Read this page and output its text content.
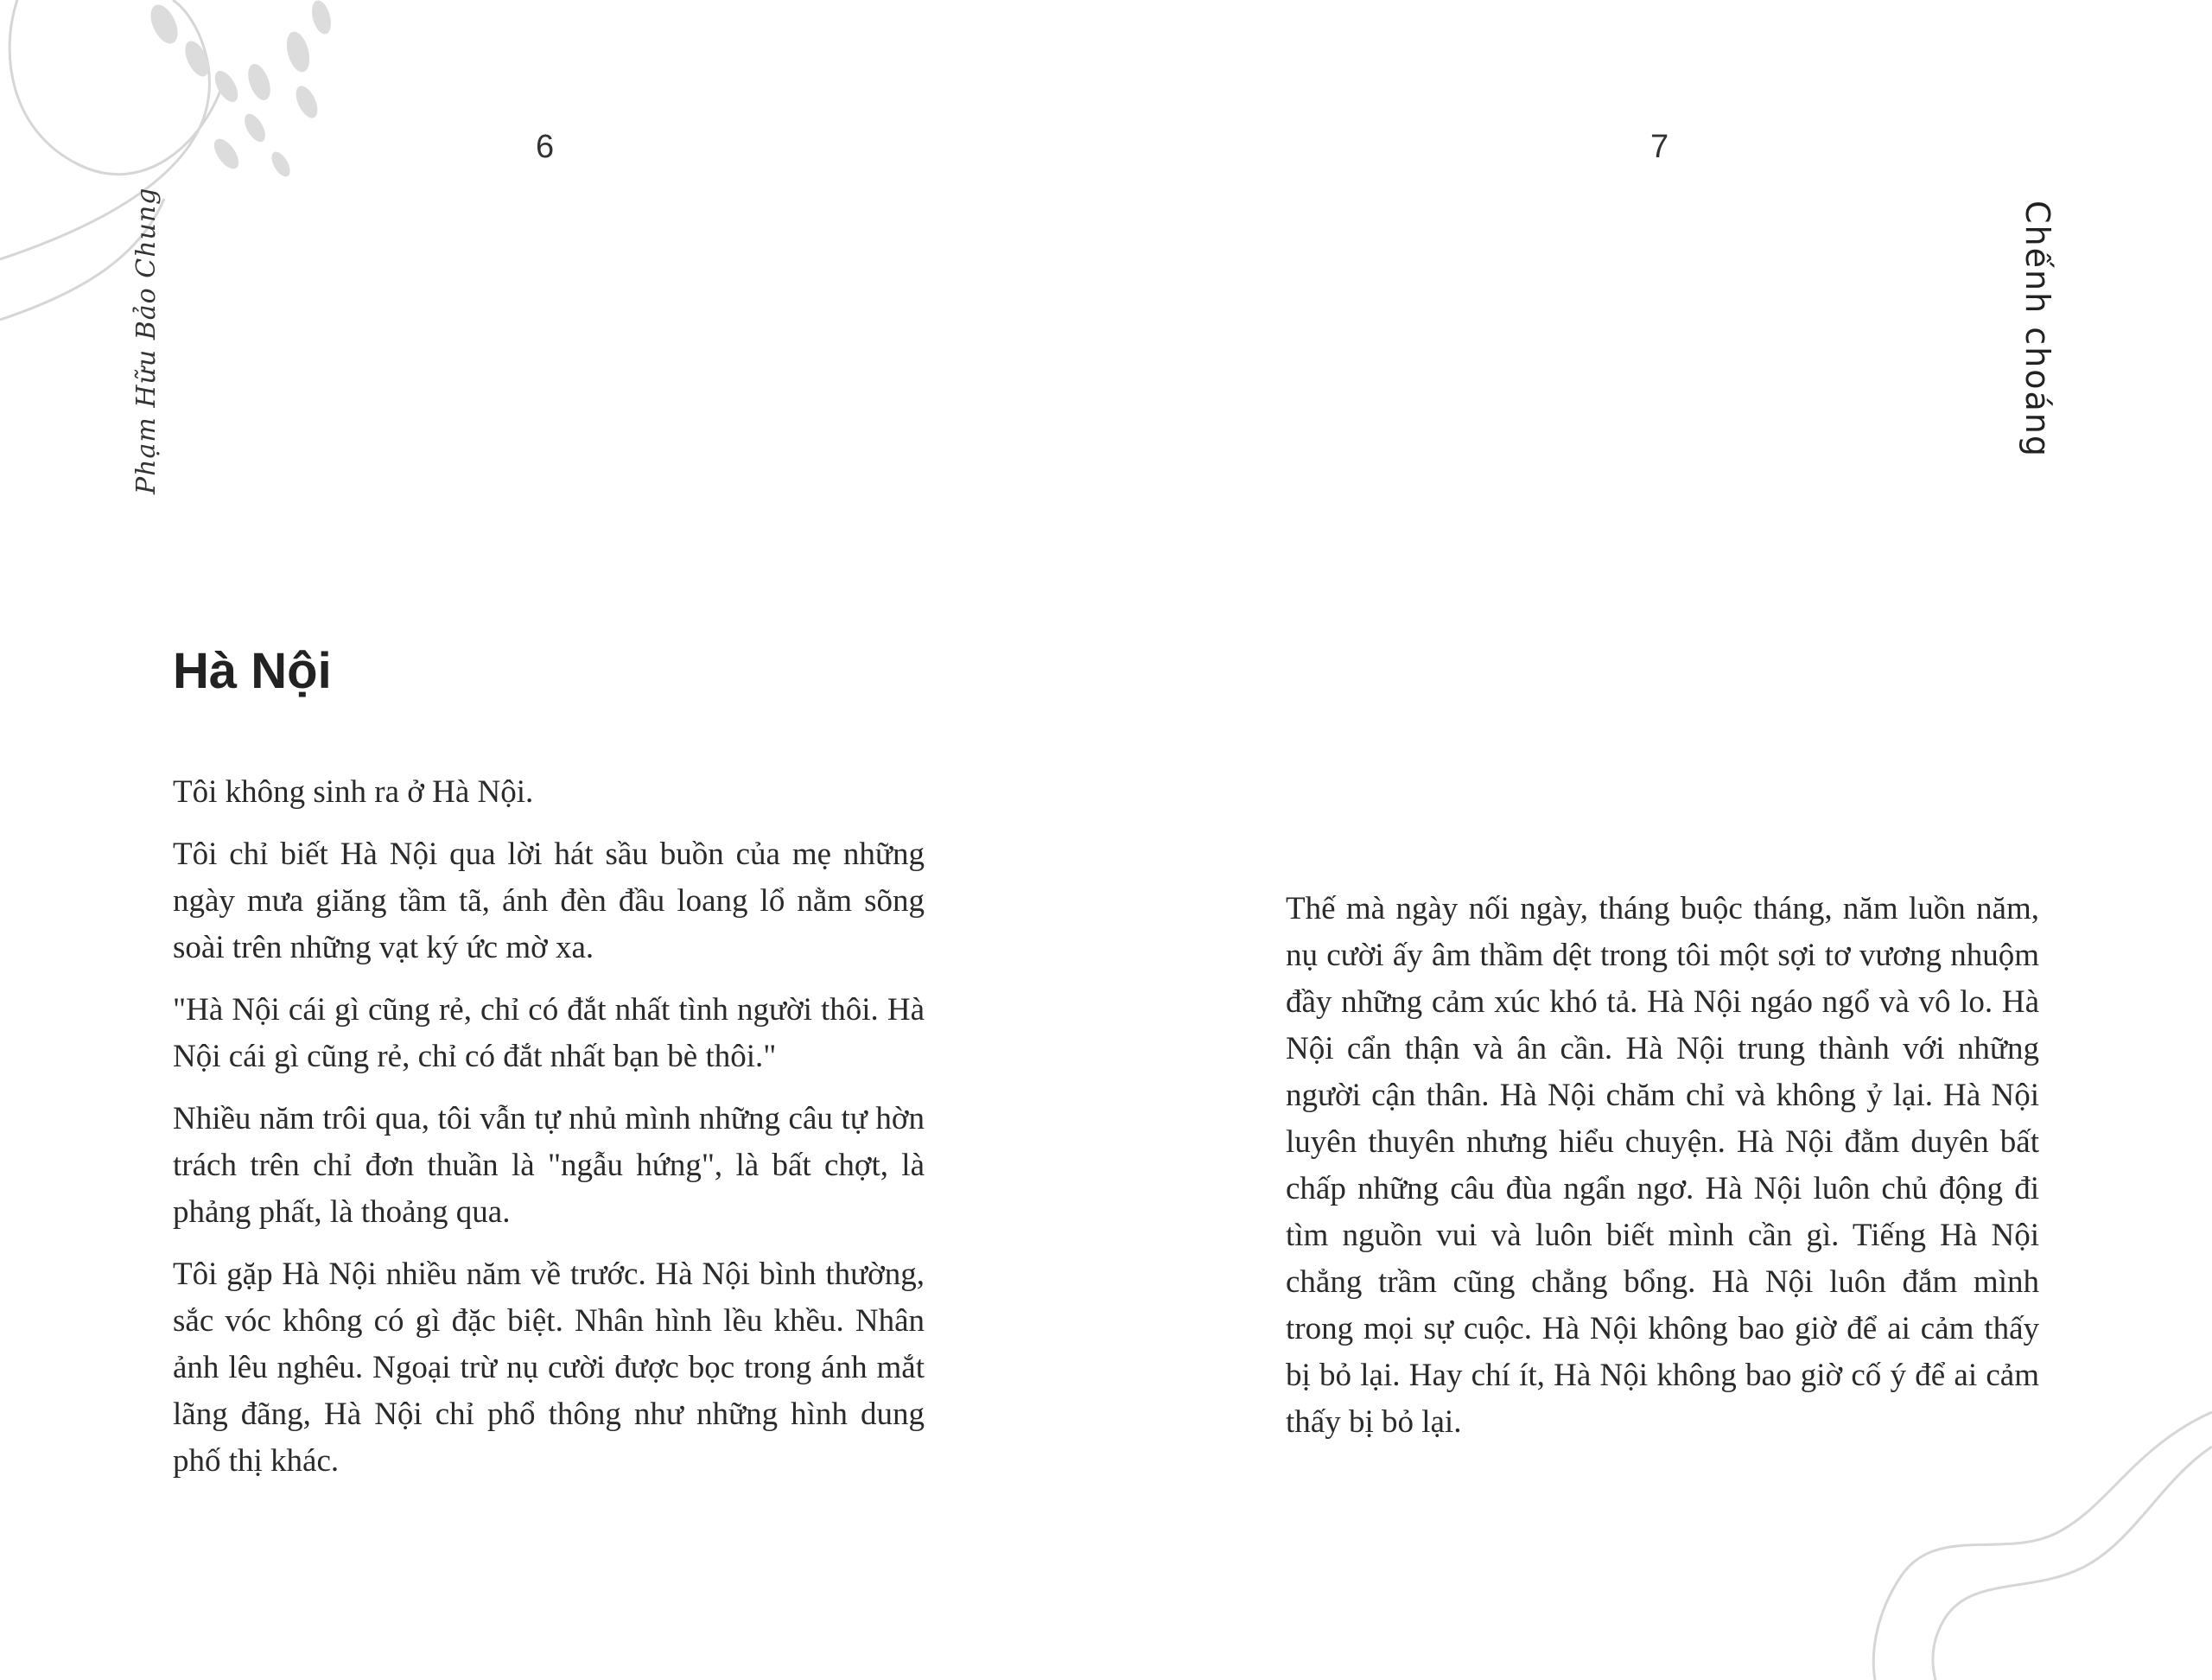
6	7
Phạm Hữu Bảo Chung	Chếnh choáng
Hà Nội

Tôi không sinh ra ở Hà Nội.

Tôi chỉ biết Hà Nội qua lời hát sầu buồn của mẹ những ngày mưa giăng tầm tã, ánh đèn đầu loang lổ nằm sõng soài trên những vạt ký ức mờ xa.

"Hà Nội cái gì cũng rẻ, chỉ có đắt nhất tình người thôi. Hà Nội cái gì cũng rẻ, chỉ có đắt nhất bạn bè thôi."

Nhiều năm trôi qua, tôi vẫn tự nhủ mình những câu tự hờn trách trên chỉ đơn thuần là "ngẫu hứng", là bất chợt, là phảng phất, là thoảng qua.

Tôi gặp Hà Nội nhiều năm về trước. Hà Nội bình thường, sắc vóc không có gì đặc biệt. Nhân hình lều khều. Nhân ảnh lêu nghêu. Ngoại trừ nụ cười được bọc trong ánh mắt lãng đãng, Hà Nội chỉ phổ thông như những hình dung phố thị khác.

Thế mà ngày nối ngày, tháng buộc tháng, năm luồn năm, nụ cười ấy âm thầm dệt trong tôi một sợi tơ vương nhuộm đầy những cảm xúc khó tả. Hà Nội ngáo ngổ và vô lo. Hà Nội cẩn thận và ân cần. Hà Nội trung thành với những người cận thân. Hà Nội chăm chỉ và không ỷ lại. Hà Nội luyên thuyên nhưng hiểu chuyện. Hà Nội đằm duyên bất chấp những câu đùa ngẩn ngơ. Hà Nội luôn chủ động đi tìm nguồn vui và luôn biết mình cần gì. Tiếng Hà Nội chẳng trầm cũng chẳng bổng. Hà Nội luôn đắm mình trong mọi sự cuộc. Hà Nội không bao giờ để ai cảm thấy bị bỏ lại. Hay chí ít, Hà Nội không bao giờ cố ý để ai cảm thấy bị bỏ lại.
